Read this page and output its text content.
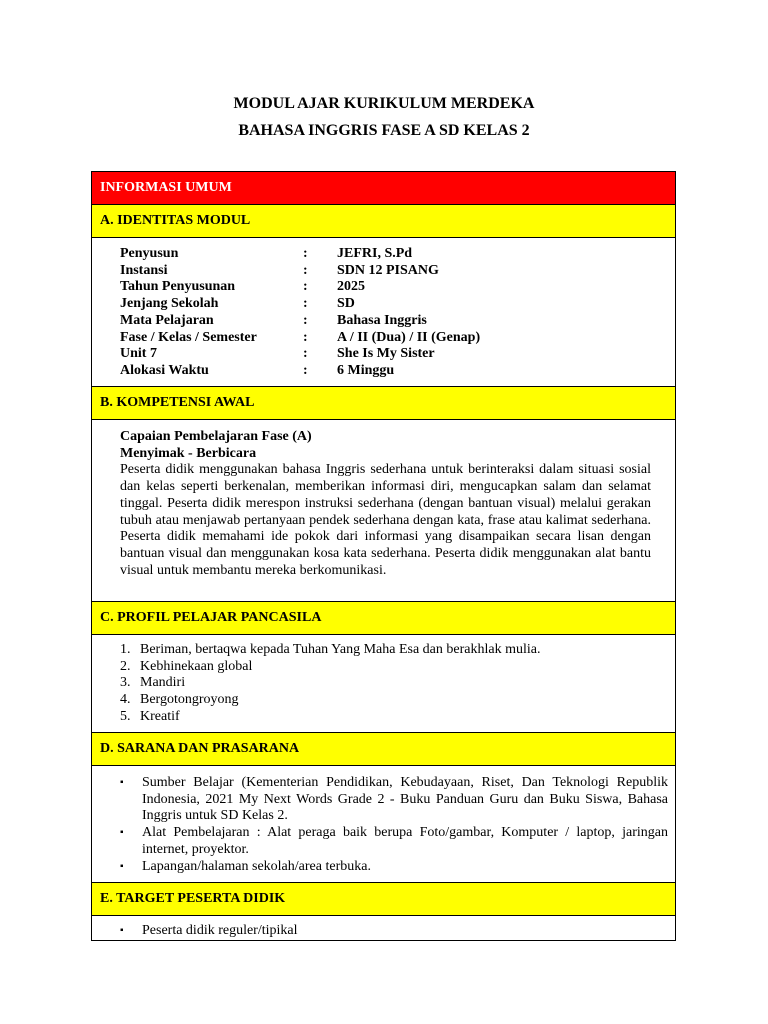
MODUL AJAR KURIKULUM MERDEKA
BAHASA INGGRIS FASE A SD KELAS 2
INFORMASI UMUM
A. IDENTITAS MODUL
Penyusun	:	JEFRI, S.Pd
Instansi	:	SDN 12 PISANG
Tahun Penyusunan	:	2025
Jenjang Sekolah	:	SD
Mata Pelajaran	:	Bahasa Inggris
Fase / Kelas / Semester	:	A / II (Dua) / II (Genap)
Unit 7	:	She Is My Sister
Alokasi Waktu	:	6 Minggu
B. KOMPETENSI AWAL
Capaian Pembelajaran Fase (A)
Menyimak - Berbicara

Peserta didik menggunakan bahasa Inggris sederhana untuk berinteraksi dalam situasi sosial dan kelas seperti berkenalan, memberikan informasi diri, mengucapkan salam dan selamat tinggal. Peserta didik merespon instruksi sederhana (dengan bantuan visual) melalui gerakan tubuh atau menjawab pertanyaan pendek sederhana dengan kata, frase atau kalimat sederhana. Peserta didik memahami ide pokok dari informasi yang disampaikan secara lisan dengan bantuan visual dan menggunakan kosa kata sederhana. Peserta didik menggunakan alat bantu visual untuk membantu mereka berkomunikasi.

C. PROFIL PELAJAR PANCASILA
1. Beriman, bertaqwa kepada Tuhan Yang Maha Esa dan berakhlak mulia.
2. Kebhinekaan global
3. Mandiri
4. Bergotongroyong
5. Kreatif
D. SARANA DAN PRASARANA
▪	Sumber Belajar (Kementerian Pendidikan, Kebudayaan, Riset, Dan Teknologi Republik Indonesia, 2021 My Next Words Grade 2 - Buku Panduan Guru dan Buku Siswa, Bahasa Inggris untuk SD Kelas 2.
▪	Alat Pembelajaran : Alat peraga baik berupa Foto/gambar, Komputer / laptop, jaringan internet, proyektor.
▪	Lapangan/halaman sekolah/area terbuka.
E. TARGET PESERTA DIDIK
▪	Peserta didik reguler/tipikal
